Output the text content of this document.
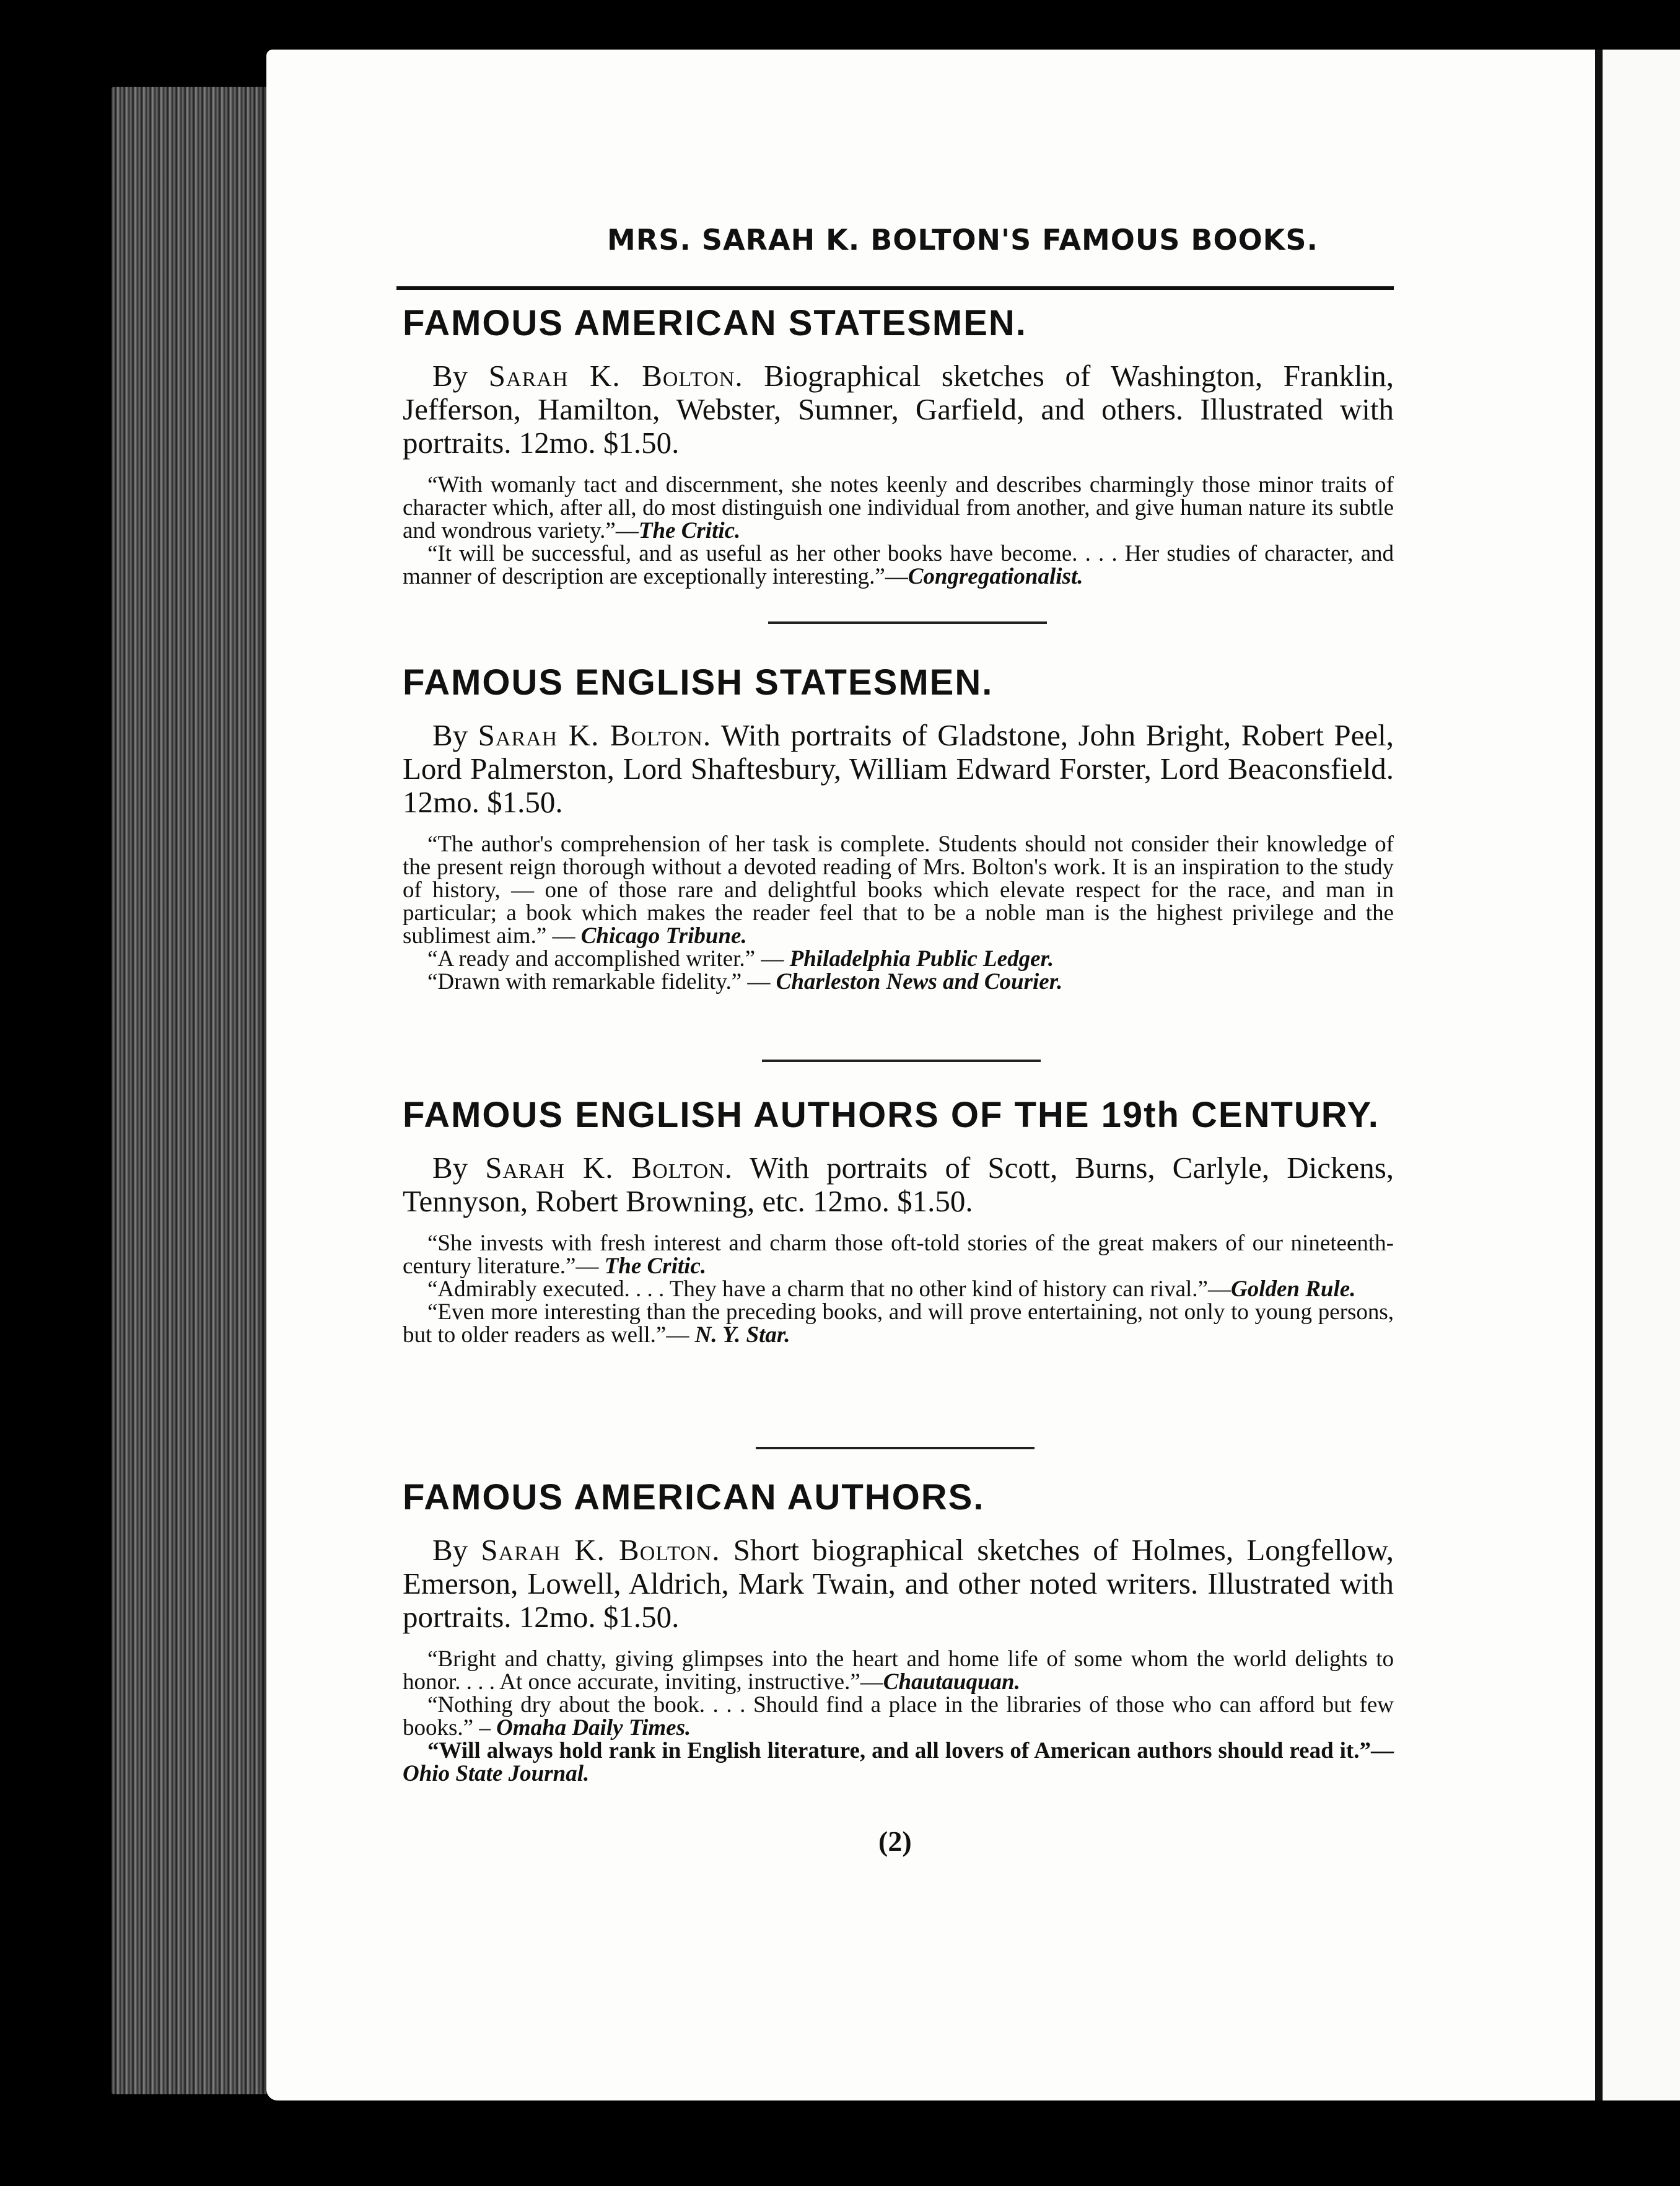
MRS. SARAH K. BOLTON'S FAMOUS BOOKS.
FAMOUS AMERICAN STATESMEN.

By Sarah K. Bolton. Biographical sketches of Washington, Franklin, Jefferson, Hamilton, Webster, Sumner, Garfield, and others. Illustrated with portraits. 12mo. $1.50.

“With womanly tact and discernment, she notes keenly and describes charmingly those minor traits of character which, after all, do most distinguish one individual from another, and give human nature its subtle and wondrous variety.”—The Critic.

“It will be successful, and as useful as her other books have become. . . . Her studies of character, and manner of description are exceptionally interesting.”—Congregationalist.

FAMOUS ENGLISH STATESMEN.

By Sarah K. Bolton. With portraits of Gladstone, John Bright, Robert Peel, Lord Palmerston, Lord Shaftesbury, William Edward Forster, Lord Beaconsfield. 12mo. $1.50.

“The author's comprehension of her task is complete. Students should not consider their knowledge of the present reign thorough without a devoted reading of Mrs. Bolton's work. It is an inspiration to the study of history, — one of those rare and delightful books which elevate respect for the race, and man in particular; a book which makes the reader feel that to be a noble man is the highest privilege and the sublimest aim.” — Chicago Tribune.

“A ready and accomplished writer.” — Philadelphia Public Ledger.

“Drawn with remarkable fidelity.” — Charleston News and Courier.

FAMOUS ENGLISH AUTHORS OF THE 19th CENTURY.

By Sarah K. Bolton. With portraits of Scott, Burns, Carlyle, Dickens, Tennyson, Robert Browning, etc. 12mo. $1.50.

“She invests with fresh interest and charm those oft-told stories of the great makers of our nineteenth-century literature.”— The Critic.

“Admirably executed. . . . They have a charm that no other kind of history can rival.”—Golden Rule.

“Even more interesting than the preceding books, and will prove entertaining, not only to young persons, but to older readers as well.”— N. Y. Star.

FAMOUS AMERICAN AUTHORS.

By Sarah K. Bolton. Short biographical sketches of Holmes, Longfellow, Emerson, Lowell, Aldrich, Mark Twain, and other noted writers. Illustrated with portraits. 12mo. $1.50.

“Bright and chatty, giving glimpses into the heart and home life of some whom the world delights to honor. . . . At once accurate, inviting, instructive.”—Chautauquan.

“Nothing dry about the book. . . . Should find a place in the libraries of those who can afford but few books.” – Omaha Daily Times.

“Will always hold rank in English literature, and all lovers of American authors should read it.”—Ohio State Journal.

(2)
